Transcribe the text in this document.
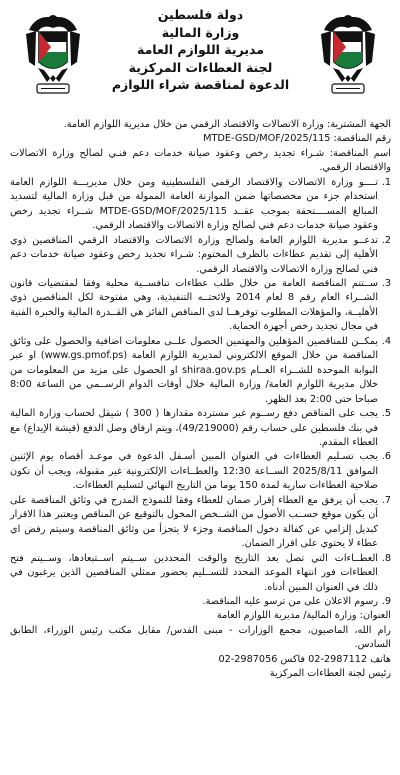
دولة فلسطين
وزارة المالية
مديرية اللوازم العامة
لجنة العطاءات المركزية
الدعوة لمناقصة شراء اللوازم

الجهة المشترية: وزارة الاتصالات والاقتصاد الرقمي من خلال مديرية اللوازم العامة.

رقم المناقصة: MTDE-GSD/MOF/2025/115

اسم المناقصة: شـراء تجديد رخص وعقود صيانة خدمات دعم فنـي لصالح وزارة الاتصالات والاقتصاد الرقمي.

1.
تــــو وزارة الاتصالات والاقتصاد الرقمي الفلسطينية ومن خلال مديريـــة اللوازم العامة استخدام جزء من مخصصاتها ضمن الموازنة العامة الممولة من قبل وزارة المالية لتسديد المبالغ المســــتحقة بموجب عقــد MTDE-GSD/MOF/2025/115 شــراء تجديد رخص وعقود صيانة خدمات دعم فني لصالح وزارة الاتصالات والاقتصاد الرقمي.
2.
تدعــو مديرية اللوازم العامة ولصالح وزارة الاتصالات والاقتصاد الرقمي المناقصين ذوي الأهلية إلى تقديم عطاءات بالظرف المختوم: شـراء تجديد رخص وعقود صيانة خدمات دعم فني لصالح وزارة الاتصالات والاقتصاد الرقمي.
3.
ســتتم المناقصة العامة من خلال طلب عطاءات تنافســية محلية وفقا لمقتضيات قانون الشــراء العام رقم 8 لعام 2014 ولائحتــه التنفيذية، وهي مفتوحة لكل المناقصين ذوي الأهليــة، والمؤهلات المطلوب توفرهــا لدى المناقص الفائز هي القــدرة المالية والخبرة الفنية في مجال تجديد رخص أجهزة الحماية.
4.
يمكــن للمناقصين المؤهلين والمهتمين الحصول علــى معلومات اضافية والحصول على وثائق المناقصة من خلال الموقع الالكتروني لمديرية اللوازم العامة (www.gs.pmof.ps) او عبر البوابة الموحدة للشــراء العــام shiraa.gov.ps او الحصول على مزيد من المعلومات من خلال مديرية اللوازم العامة/ وزارة المالية خلال أوقات الدوام الرســمي من الساعة 8:00 صباحا حتى 2:00 بعد الظهر.
5.
يجب على المناقص دفع رســوم غير مستردة مقدارها ( 300 ) شيقل لحساب وزارة المالية في بنك فلسطين على حساب رقم (49/219000)، ويتم ارفاق وصل الدفع (قيشة الإيداع) مع العطاء المقدم.
6.
يجب تسـليم العطاءات في العنوان المبين أسـفل الدعوة في موعـد أقصاه يوم الإثنين الموافق 2025/8/11 الســاعة 12:30 والعطــاءات الإلكترونية غير مقبولة، ويجب أن تكون صلاحية العطاءات سارية لمدة 150 يوما من التاريخ النهائي لتسليم العطاءات.
7.
يجب أن يرفق مع العطاء إقرار ضمان للعطاء وفقا للنموذج المدرج في وثائق المناقصة على أن يكون موقع حســب الأصول من الشــخص المخول بالتوقيع عن المناقص ويعتبر هذا الاقرار كبديل إلزامي عن كفالة دخول المناقصة وجزء لا يتجزأ من وثائق المناقصة وسيتم رفض اي عطاء لا يحتوي على اقرار الضمان.
8.
العطــاءات التي تصل بعد التاريخ والوقت المحددين ســيتم اســتبعادها، وســيتم فتح العطاءات فور انتهاء الموعد المحدد للتســليم بحضور ممثلي المناقصين الذين يرغبون في ذلك في العنوان المبين أدناه.
9.
رسوم الاعلان على من ترسو عليه المناقصة.

العنوان: وزارة المالية/ مديرية اللوازم العامة

رام الله، الماصيون، مجمع الوزارات - مبنى القدس/ مقابل مكتب رئيس الوزراء، الطابق السادس.

هاتف 2987112-02 فاكس 2987056-02

رئيس لجنة العطاءات المركزية
